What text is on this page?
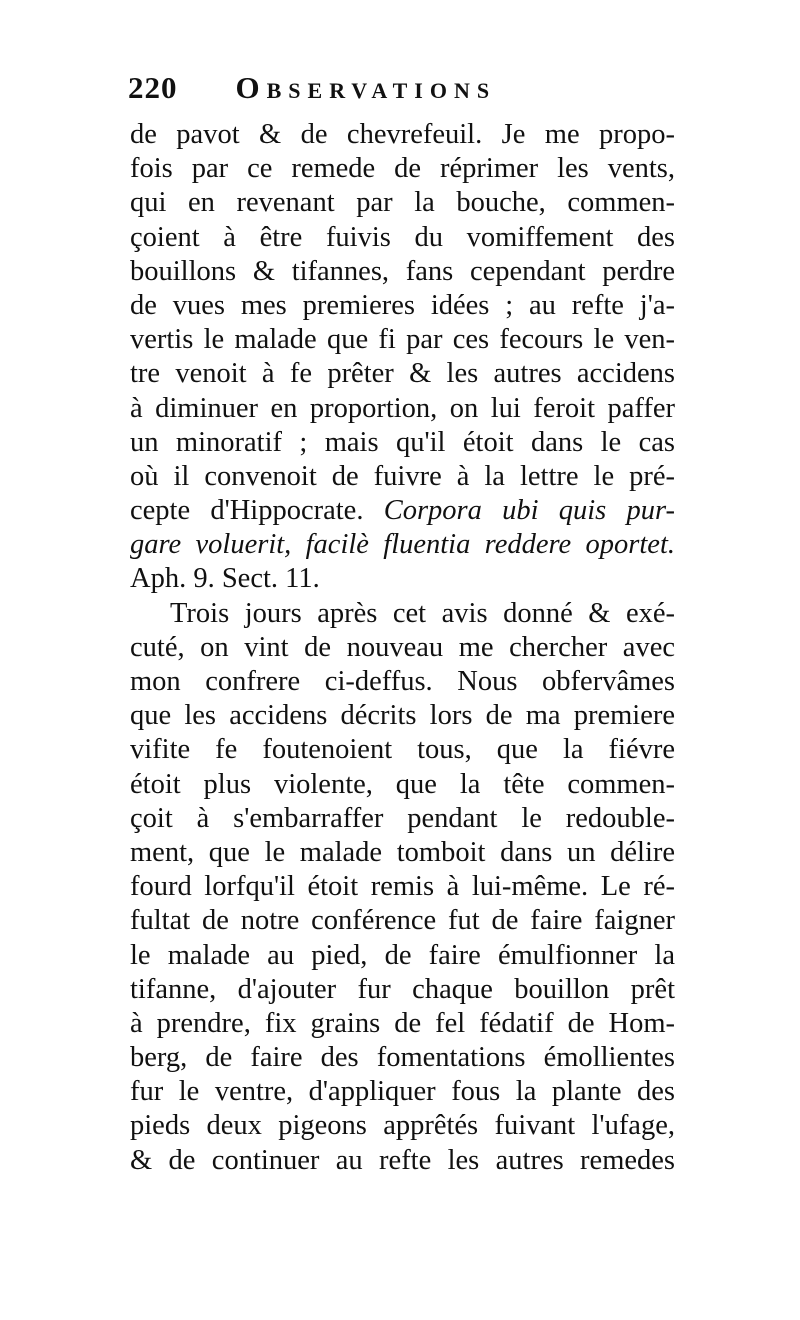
220 Observations
de pavot & de chevrefeuil. Je me propo-
fois par ce remede de réprimer les vents,
qui en revenant par la bouche, commen-
çoient à être fuivis du vomiffement des
bouillons & tifannes, fans cependant perdre
de vues mes premieres idées ; au refte j'a-
vertis le malade que fi par ces fecours le ven-
tre venoit à fe prêter & les autres accidens
à diminuer en proportion, on lui feroit paffer
un minoratif ; mais qu'il étoit dans le cas
où il convenoit de fuivre à la lettre le pré-
cepte d'Hippocrate. Corpora ubi quis pur-
gare voluerit, facilè fluentia reddere oportet.
Aph. 9. Sect. 11.
Trois jours après cet avis donné & exé-
cuté, on vint de nouveau me chercher avec
mon confrere ci-deffus. Nous obfervâmes
que les accidens décrits lors de ma premiere
vifite fe foutenoient tous, que la fiévre
étoit plus violente, que la tête commen-
çoit à s'embarraffer pendant le redouble-
ment, que le malade tomboit dans un délire
fourd lorfqu'il étoit remis à lui-même. Le ré-
fultat de notre conférence fut de faire faigner
le malade au pied, de faire émulfionner la
tifanne, d'ajouter fur chaque bouillon prêt
à prendre, fix grains de fel fédatif de Hom-
berg, de faire des fomentations émollientes
fur le ventre, d'appliquer fous la plante des
pieds deux pigeons apprêtés fuivant l'ufage,
& de continuer au refte les autres remedes
